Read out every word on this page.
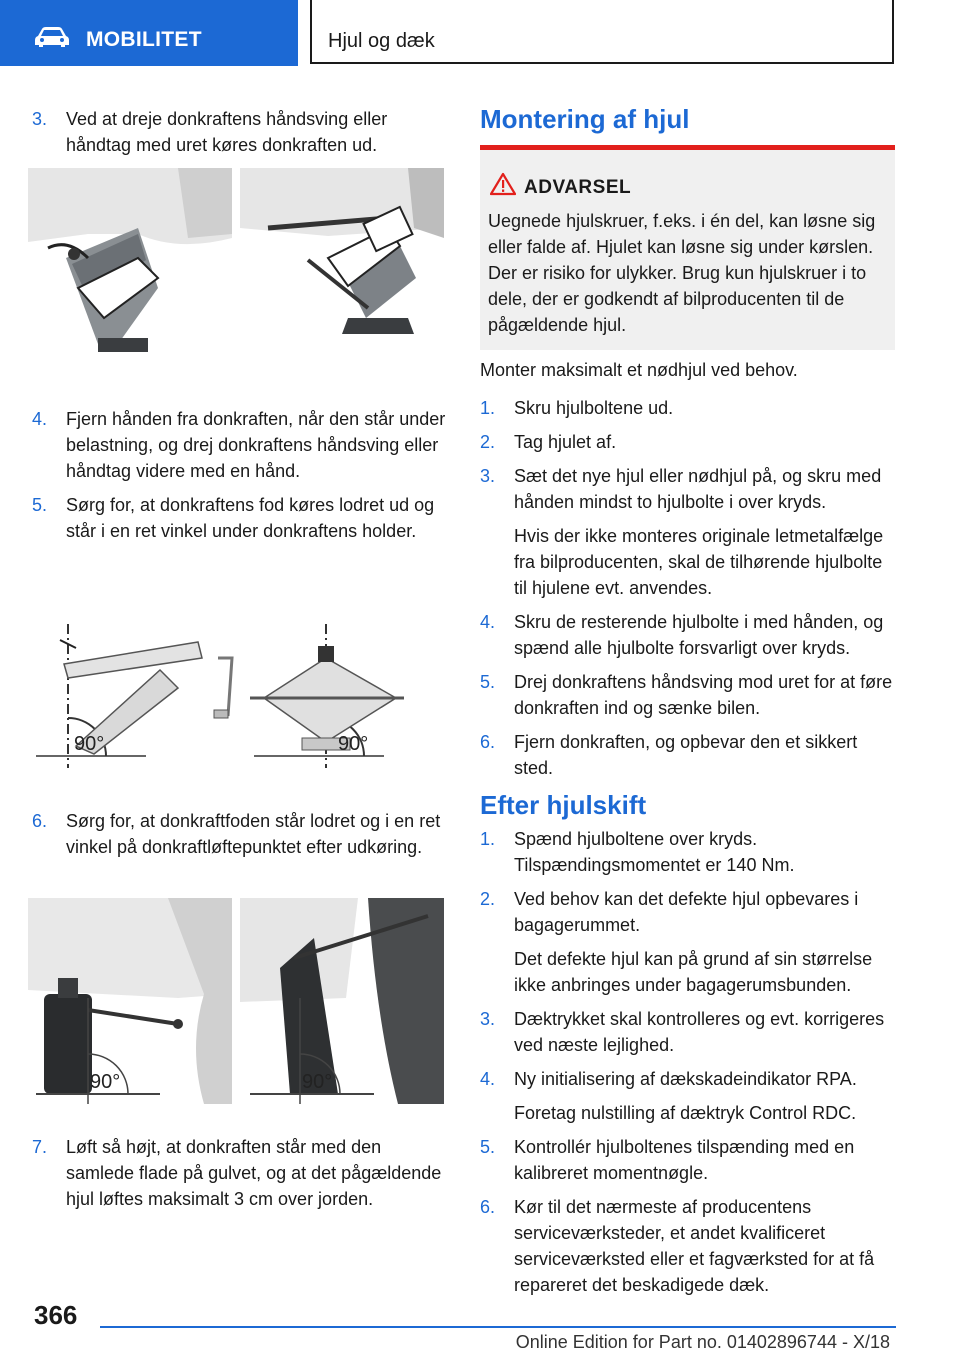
MOBILITET	Hjul og dæk
3. Ved at dreje donkraftens håndsving eller håndtag med uret køres donkraften ud.
4. Fjern hånden fra donkraften, når den står under belastning, og drej donkraftens håndsving eller håndtag videre med en hånd.
5. Sørg for, at donkraftens fod køres lodret ud og står i en ret vinkel under donkraftens holder.
90°	90°
6. Sørg for, at donkraftfoden står lodret og i en ret vinkel på donkraftløftepunktet efter udkøring.
90°	90°
7. Løft så højt, at donkraften står med den samlede flade på gulvet, og at det pågældende hjul løftes maksimalt 3 cm over jorden.
Montering af hjul
ADVARSEL
Uegnede hjulskruer, f.eks. i én del, kan løsne sig eller falde af. Hjulet kan løsne sig under kørslen. Der er risiko for ulykker. Brug kun hjulskruer i to dele, der er godkendt af bilproducenten til de pågældende hjul.
Monter maksimalt et nødhjul ved behov.
1. Skru hjulboltene ud.
2. Tag hjulet af.
3. Sæt det nye hjul eller nødhjul på, og skru med hånden mindst to hjulbolte i over kryds.
Hvis der ikke monteres originale letmetalfælge fra bilproducenten, skal de tilhørende hjulbolte til hjulene evt. anvendes.
4. Skru de resterende hjulbolte i med hånden, og spænd alle hjulbolte forsvarligt over kryds.
5. Drej donkraftens håndsving mod uret for at føre donkraften ind og sænke bilen.
6. Fjern donkraften, og opbevar den et sikkert sted.
Efter hjulskift
1. Spænd hjulboltene over kryds. Tilspændingsmomentet er 140 Nm.
2. Ved behov kan det defekte hjul opbevares i bagagerummet.
Det defekte hjul kan på grund af sin størrelse ikke anbringes under bagagerumsbunden.
3. Dæktrykket skal kontrolleres og evt. korrigeres ved næste lejlighed.
4. Ny initialisering af dækskadeindikator RPA.
Foretag nulstilling af dæktryk Control RDC.
5. Kontrollér hjulboltenes tilspænding med en kalibreret momentnøgle.
6. Kør til det nærmeste af producentens serviceværksteder, et andet kvalificeret serviceværksted eller et fagværksted for at få repareret det beskadigede dæk.
366
Online Edition for Part no. 01402896744 - X/18
